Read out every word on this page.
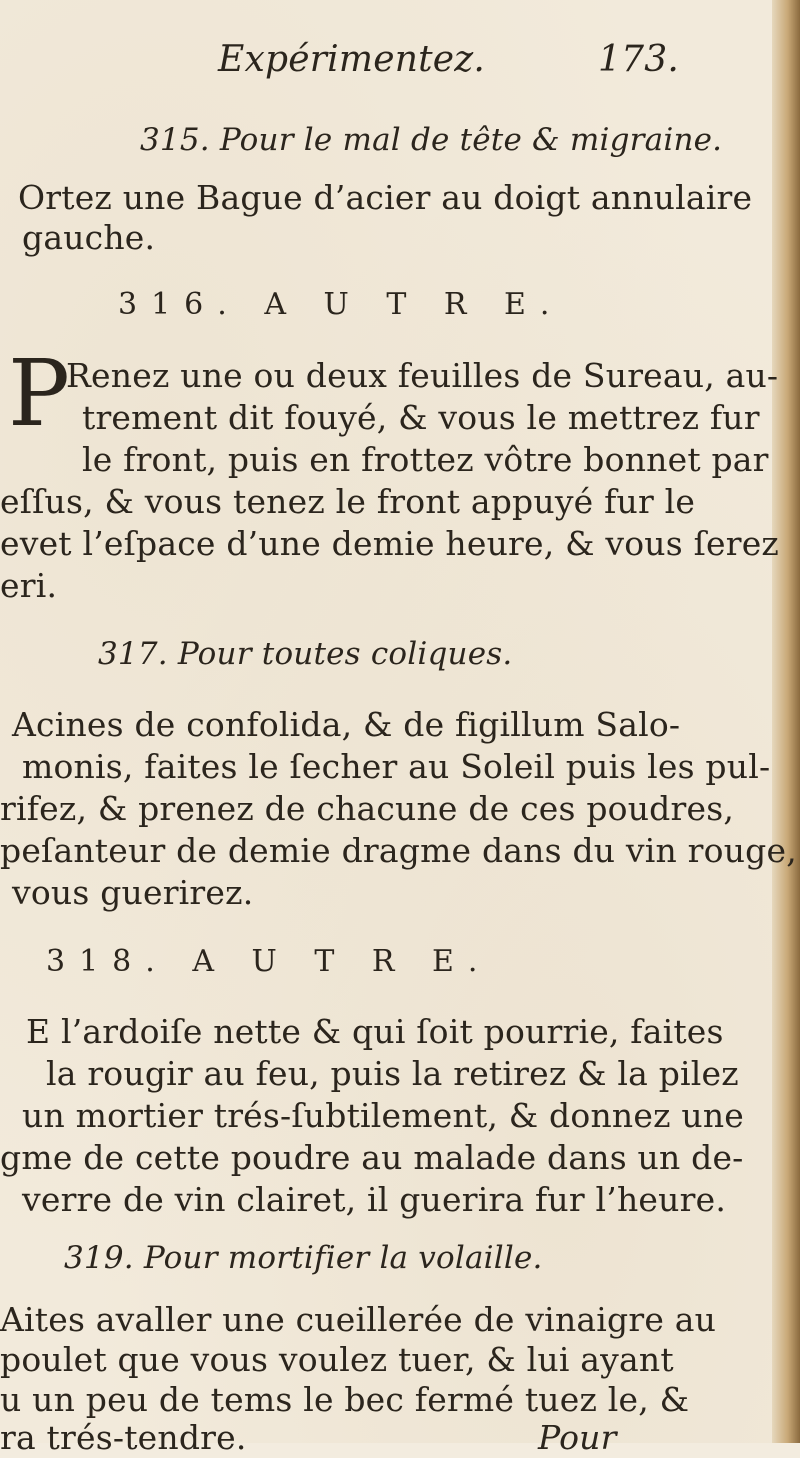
Expérimentez.	173.
315. Pour le mal de tête & migraine.
Ortez une Bague d’acier au doigt annulaire
gauche.
316. A U T R E.
P
Renez une ou deux feuilles de Sureau, au-
trement dit fouyé, & vous le mettrez fur
le front, puis en frottez vôtre bonnet par
eſſus, & vous tenez le front appuyé fur le
evet l’eſpace d’une demie heure, & vous ſerez
eri.
317. Pour toutes coliques.
Acines de confolida, & de figillum Salo-
monis, faites le ſecher au Soleil puis les pul-
rifez, & prenez de chacune de ces poudres,
peſanteur de demie dragme dans du vin rouge,
vous guerirez.
318. A U T R E.
E l’ardoiſe nette & qui ſoit pourrie, faites
la rougir au feu, puis la retirez & la pilez
un mortier trés-ſubtilement, & donnez une
gme de cette poudre au malade dans un de-
verre de vin clairet, il guerira fur l’heure.
319. Pour mortifier la volaille.
Aites avaller une cueillerée de vinaigre au
poulet que vous voulez tuer, & lui ayant
u un peu de tems le bec fermé tuez le, &
ra trés-tendre.	Pour
